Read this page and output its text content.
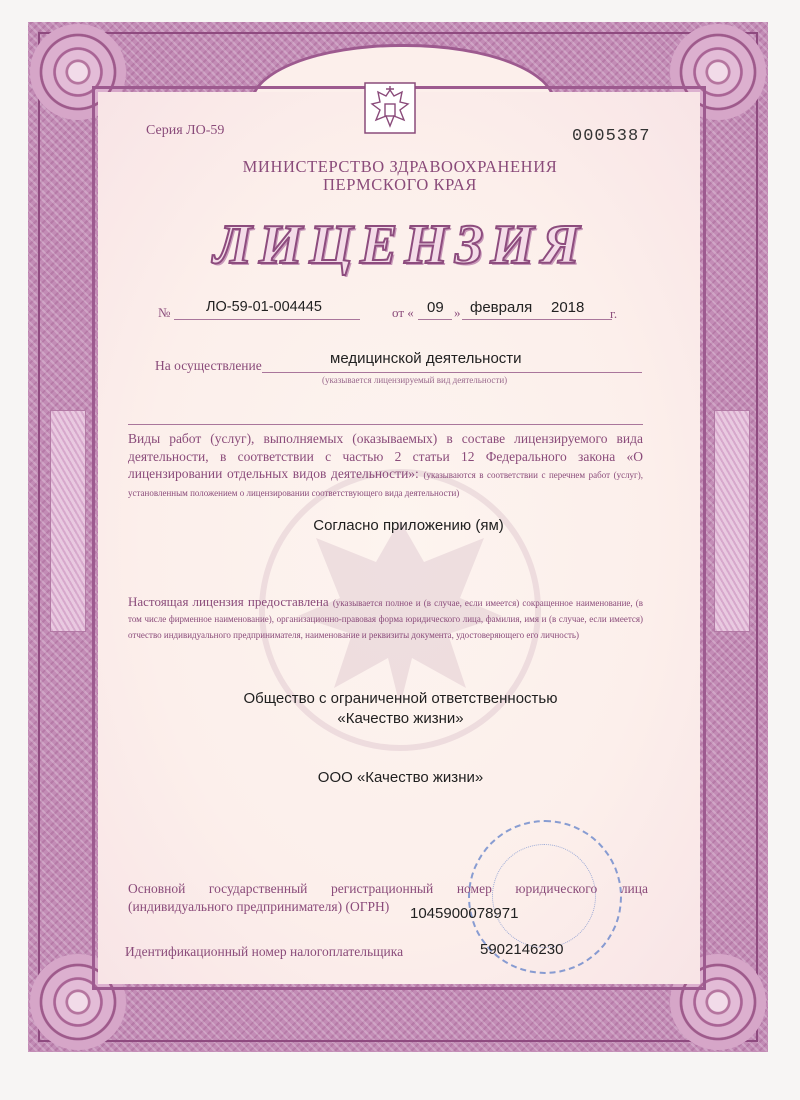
Серия ЛО-59	0005387
МИНИСТЕРСТВО ЗДРАВООХРАНЕНИЯ
ПЕРМСКОГО КРАЯ
ЛИЦЕНЗИЯ
№ ЛО-59-01-004445	от « 09 » февраля 2018 г.
На осуществление	медицинской деятельности
(указывается лицензируемый вид деятельности)
Виды работ (услуг), выполняемых (оказываемых) в составе лицензируемого вида деятельности, в соответствии с частью 2 статьи 12 Федерального закона «О лицензировании отдельных видов деятельности»: (указываются в соответствии с перечнем работ (услуг), установленным положением о лицензировании соответствующего вида деятельности)
Согласно приложению (ям)
Настоящая лицензия предоставлена (указывается полное и (в случае, если имеется) сокращенное наименование, (в том числе фирменное наименование), организационно-правовая форма юридического лица, фамилия, имя и (в случае, если имеется) отчество индивидуального предпринимателя, наименование и реквизиты документа, удостоверяющего его личность)
Общество с ограниченной ответственностью
«Качество жизни»
ООО «Качество жизни»
Основной государственный регистрационный номер юридического лица (индивидуального предпринимателя) (ОГРН)	1045900078971
Идентификационный номер налогоплательщика	5902146230
